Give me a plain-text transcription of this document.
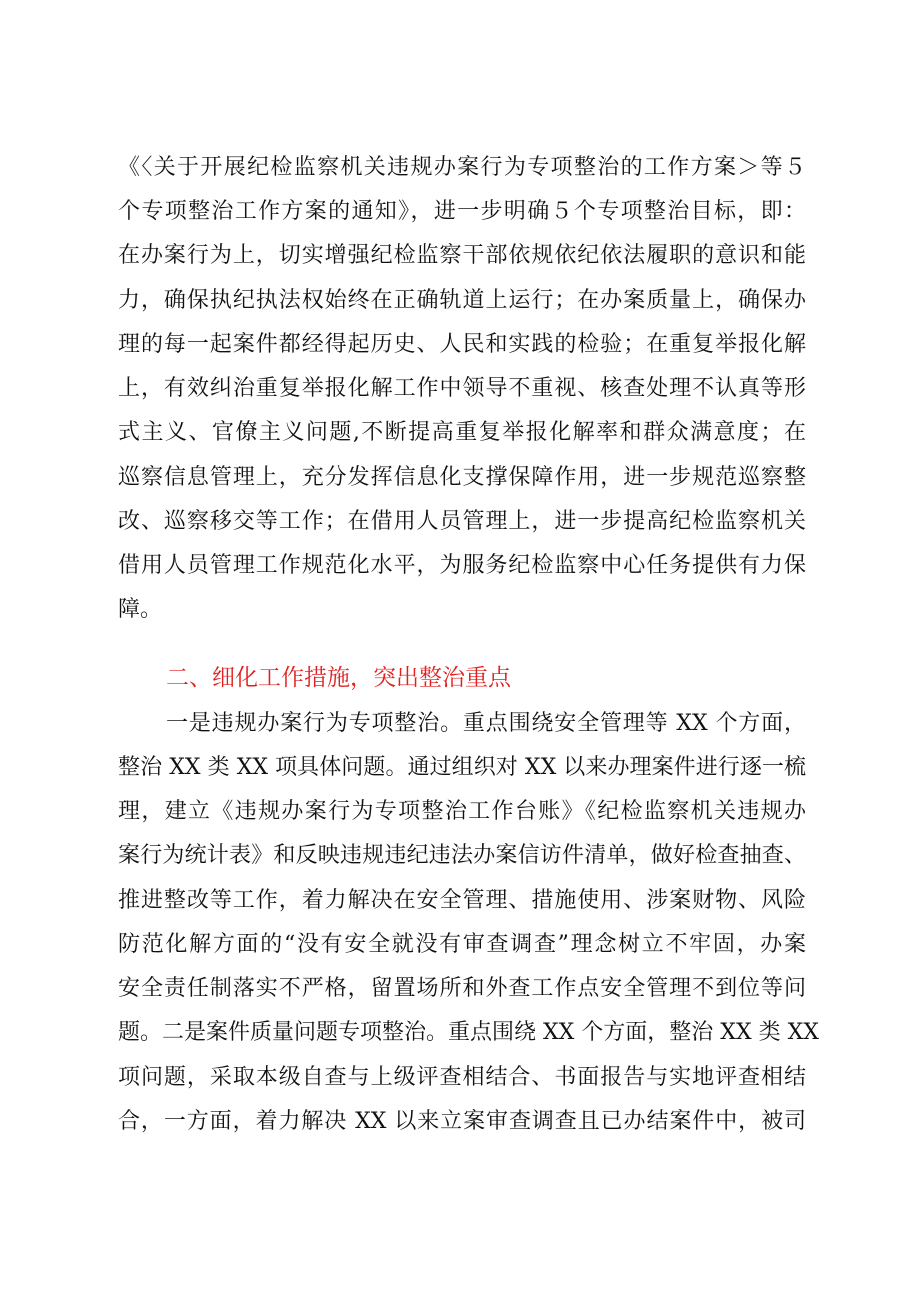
《〈关于开展纪检监察机关违规办案行为专项整治的工作方案＞等５
个专项整治工作方案的通知》，进一步明确５个专项整治目标，即：
在办案行为上，切实增强纪检监察干部依规依纪依法履职的意识和能
力，确保执纪执法权始终在正确轨道上运行；在办案质量上，确保办
理的每一起案件都经得起历史、人民和实践的检验；在重复举报化解
上，有效纠治重复举报化解工作中领导不重视、核查处理不认真等形
式主义、官僚主义问题,不断提高重复举报化解率和群众满意度；在
巡察信息管理上，充分发挥信息化支撑保障作用，进一步规范巡察整
改、巡察移交等工作；在借用人员管理上，进一步提高纪检监察机关
借用人员管理工作规范化水平，为服务纪检监察中心任务提供有力保
障。
二、细化工作措施，突出整治重点
一是违规办案行为专项整治。重点围绕安全管理等 XX 个方面，
整治 XX 类 XX 项具体问题。通过组织对 XX 以来办理案件进行逐一梳
理，建立《违规办案行为专项整治工作台账》《纪检监察机关违规办
案行为统计表》和反映违规违纪违法办案信访件清单，做好检查抽查、
推进整改等工作，着力解决在安全管理、措施使用、涉案财物、风险
防范化解方面的“没有安全就没有审查调查”理念树立不牢固，办案
安全责任制落实不严格，留置场所和外查工作点安全管理不到位等问
题。二是案件质量问题专项整治。重点围绕 XX 个方面，整治 XX 类 XX
项问题，采取本级自查与上级评查相结合、书面报告与实地评查相结
合，一方面，着力解决 XX 以来立案审查调查且已办结案件中，被司
